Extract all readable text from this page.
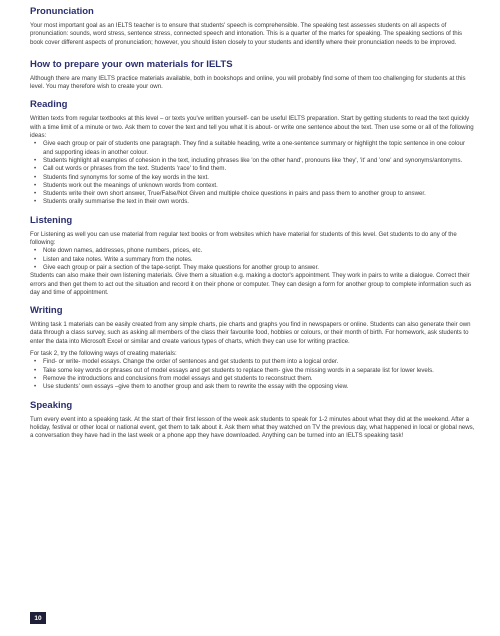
Pronunciation

Your most important goal as an IELTS teacher is to ensure that students' speech is comprehensible. The speaking test assesses students on all aspects of pronunciation: sounds, word stress, sentence stress, connected speech and intonation. This is a quarter of the marks for speaking. The speaking sections of this book cover different aspects of pronunciation; however, you should listen closely to your students and identify where their pronunciation needs to be improved.

How to prepare your own materials for IELTS

Although there are many IELTS practice materials available, both in bookshops and online, you will probably find some of them too challenging for students at this level. You may therefore wish to create your own.

Reading

Written texts from regular textbooks at this level – or texts you've written yourself- can be useful IELTS preparation. Start by getting students to read the text quickly with a time limit of a minute or two. Ask them to cover the text and tell you what it is about- or write one sentence about the text. Then use some or all of the following ideas:

• Give each group or pair of students one paragraph. They find a suitable heading, write a one-sentence summary or highlight the topic sentence in one colour and supporting ideas in another colour.
• Students highlight all examples of cohesion in the text, including phrases like 'on the other hand', pronouns like 'they', 'it' and 'one' and synonyms/antonyms.
• Call out words or phrases from the text. Students 'race' to find them.
• Students find synonyms for some of the key words in the text.
• Students work out the meanings of unknown words from context.
• Students write their own short answer, True/False/Not Given and multiple choice questions in pairs and pass them to another group to answer.
• Students orally summarise the text in their own words.
Listening

For Listening as well you can use material from regular text books or from websites which have material for students of this level. Get students to do any of the following:

• Note down names, addresses, phone numbers, prices, etc.
• Listen and take notes. Write a summary from the notes.
• Give each group or pair a section of the tape-script. They make questions for another group to answer.

Students can also make their own listening materials. Give them a situation e.g. making a doctor's appointment. They work in pairs to write a dialogue. Correct their errors and then get them to act out the situation and record it on their phone or computer. They can design a form for another group to complete information such as day and time of appointment.

Writing

Writing task 1 materials can be easily created from any simple charts, pie charts and graphs you find in newspapers or online. Students can also generate their own data through a class survey, such as asking all members of the class their favourite food, hobbies or colours, or their month of birth. For homework, ask students to enter the data into Microsoft Excel or similar and create various types of charts, which they can use for writing practice.

For task 2, try the following ways of creating materials:

• Find- or write- model essays. Change the order of sentences and get students to put them into a logical order.
• Take some key words or phrases out of model essays and get students to replace them- give the missing words in a separate list for lower levels.
• Remove the introductions and conclusions from model essays and get students to reconstruct them.
• Use students' own essays –give them to another group and ask them to rewrite the essay with the opposing view.
Speaking

Turn every event into a speaking task. At the start of their first lesson of the week ask students to speak for 1-2 minutes about what they did at the weekend. After a holiday, festival or other local or national event, get them to talk about it. Ask them what they watched on TV the previous day, what happened in local or global news, a conversation they have had in the last week or a phone app they have downloaded. Anything can be turned into an IELTS speaking task!

10
